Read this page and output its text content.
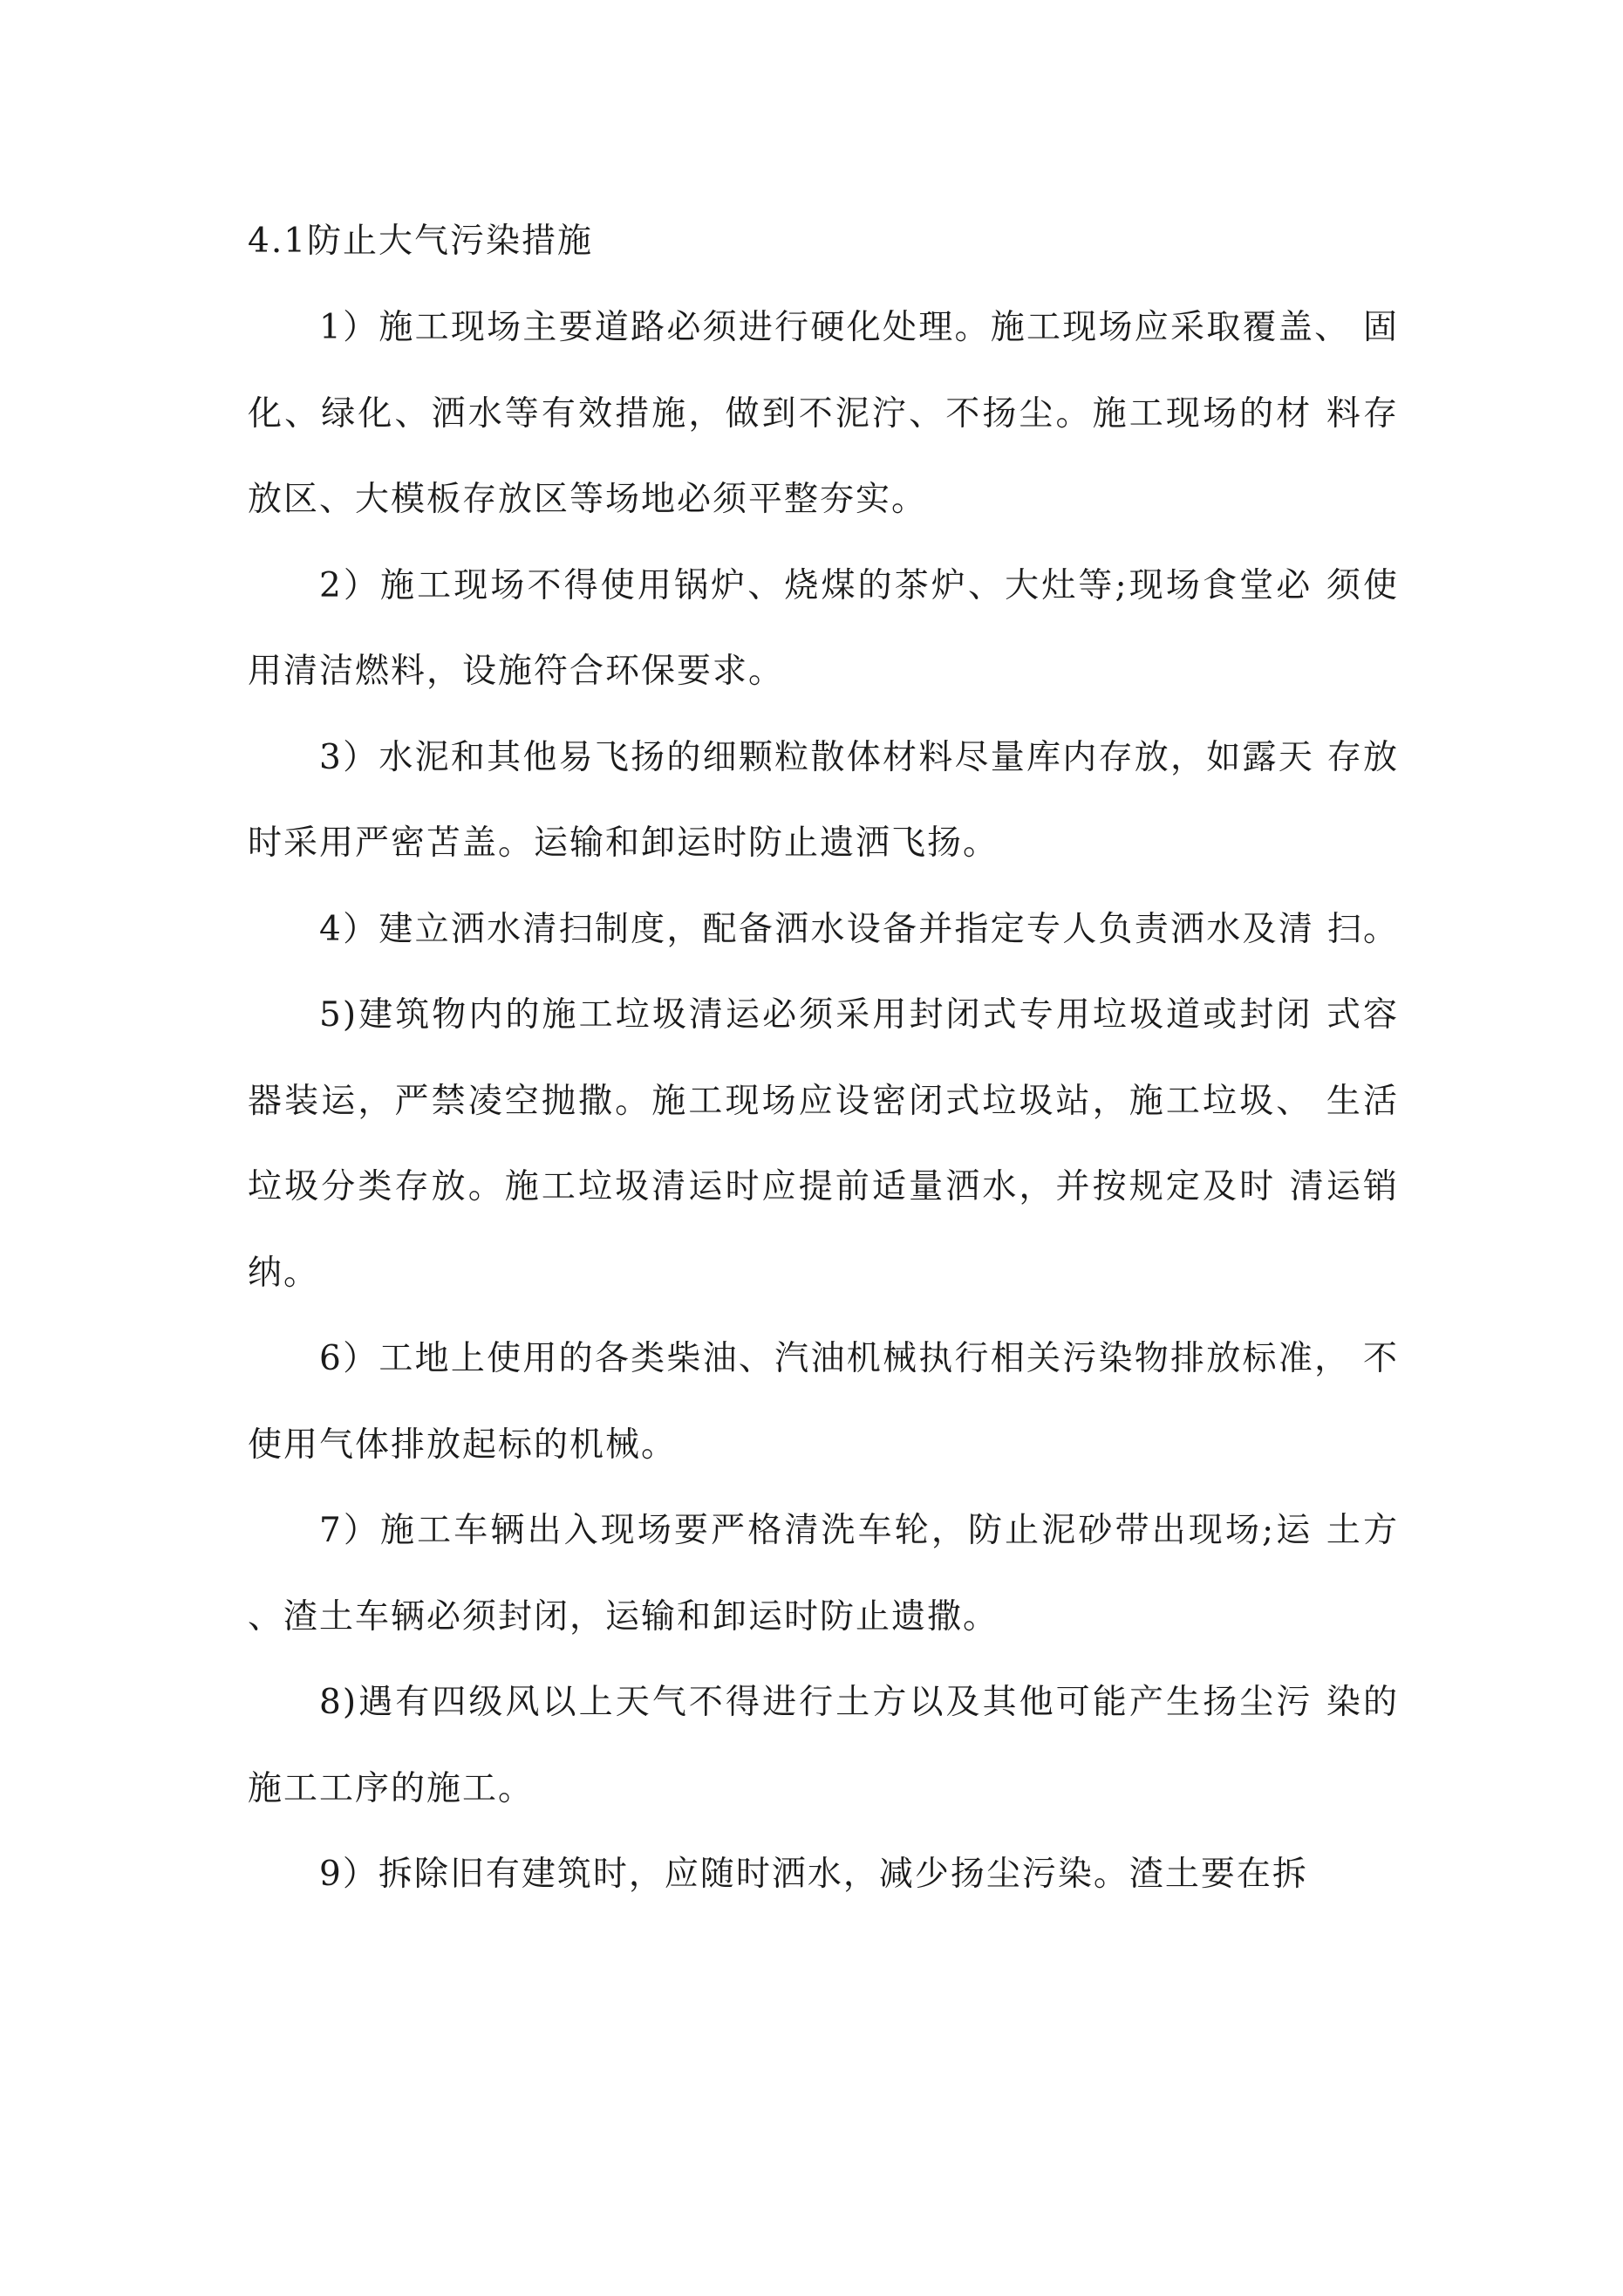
4.1防止大气污染措施
1）施工现场主要道路必须进行硬化处理。施工现场应采取覆盖、 固
化、绿化、洒水等有效措施，做到不泥泞、不扬尘。施工现场的材 料存
放区、大模板存放区等场地必须平整夯实。
2）施工现场不得使用锅炉、烧煤的茶炉、大灶等;现场食堂必 须使
用清洁燃料，设施符合环保要求。
3）水泥和其他易飞扬的细颗粒散体材料尽量库内存放，如露天 存放
时采用严密苫盖。运输和卸运时防止遗洒飞扬。
4）建立洒水清扫制度，配备洒水设备并指定专人负责洒水及清 扫。
5)建筑物内的施工垃圾清运必须采用封闭式专用垃圾道或封闭 式容
器装运，严禁凌空抛撒。施工现场应设密闭式垃圾站，施工垃圾、 生活
垃圾分类存放。施工垃圾清运时应提前适量洒水，并按规定及时 清运销
纳。
6）工地上使用的各类柴油、汽油机械执行相关污染物排放标准， 不
使用气体排放起标的机械。
7）施工车辆出入现场要严格清洗车轮，防止泥砂带出现场;运 土方
、渣土车辆必须封闭，运输和卸运时防止遗撒。
8)遇有四级风以上天气不得进行土方以及其他可能产生扬尘污 染的
施工工序的施工。
9）拆除旧有建筑时，应随时洒水，减少扬尘污染。渣土要在拆
